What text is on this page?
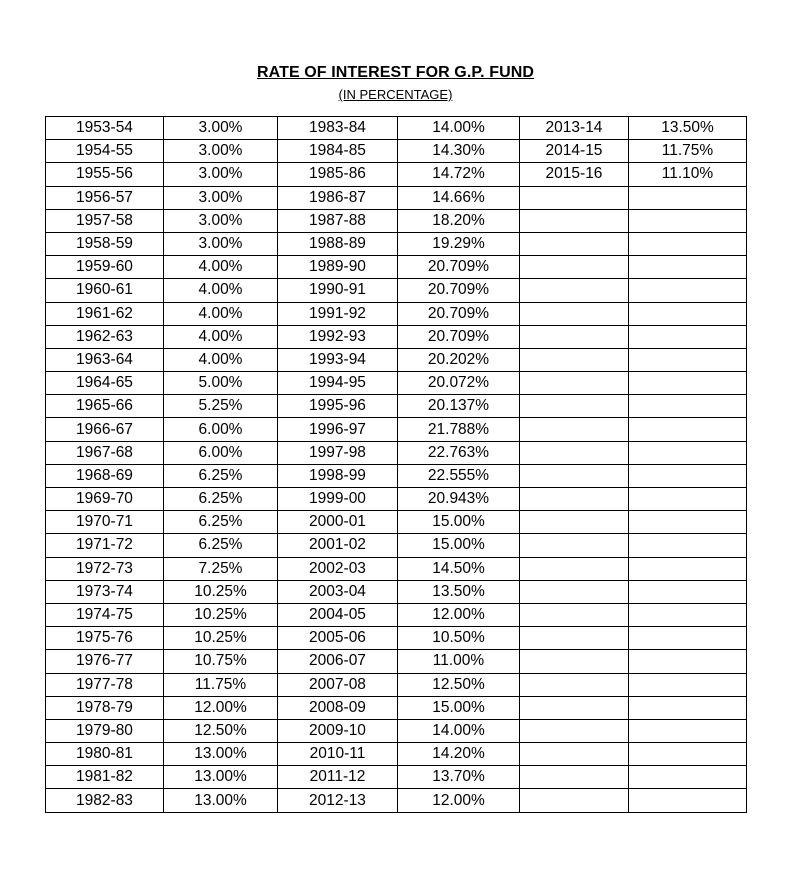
RATE OF INTEREST FOR G.P. FUND
(IN PERCENTAGE)
1953-54	3.00%	1983-84	14.00%	2013-14	13.50%
1954-55	3.00%	1984-85	14.30%	2014-15	11.75%
1955-56	3.00%	1985-86	14.72%	2015-16	11.10%
1956-57	3.00%	1986-87	14.66%		
1957-58	3.00%	1987-88	18.20%		
1958-59	3.00%	1988-89	19.29%		
1959-60	4.00%	1989-90	20.709%		
1960-61	4.00%	1990-91	20.709%		
1961-62	4.00%	1991-92	20.709%		
1962-63	4.00%	1992-93	20.709%		
1963-64	4.00%	1993-94	20.202%		
1964-65	5.00%	1994-95	20.072%		
1965-66	5.25%	1995-96	20.137%		
1966-67	6.00%	1996-97	21.788%		
1967-68	6.00%	1997-98	22.763%		
1968-69	6.25%	1998-99	22.555%		
1969-70	6.25%	1999-00	20.943%		
1970-71	6.25%	2000-01	15.00%		
1971-72	6.25%	2001-02	15.00%		
1972-73	7.25%	2002-03	14.50%		
1973-74	10.25%	2003-04	13.50%		
1974-75	10.25%	2004-05	12.00%		
1975-76	10.25%	2005-06	10.50%		
1976-77	10.75%	2006-07	11.00%		
1977-78	11.75%	2007-08	12.50%		
1978-79	12.00%	2008-09	15.00%		
1979-80	12.50%	2009-10	14.00%		
1980-81	13.00%	2010-11	14.20%		
1981-82	13.00%	2011-12	13.70%		
1982-83	13.00%	2012-13	12.00%		
